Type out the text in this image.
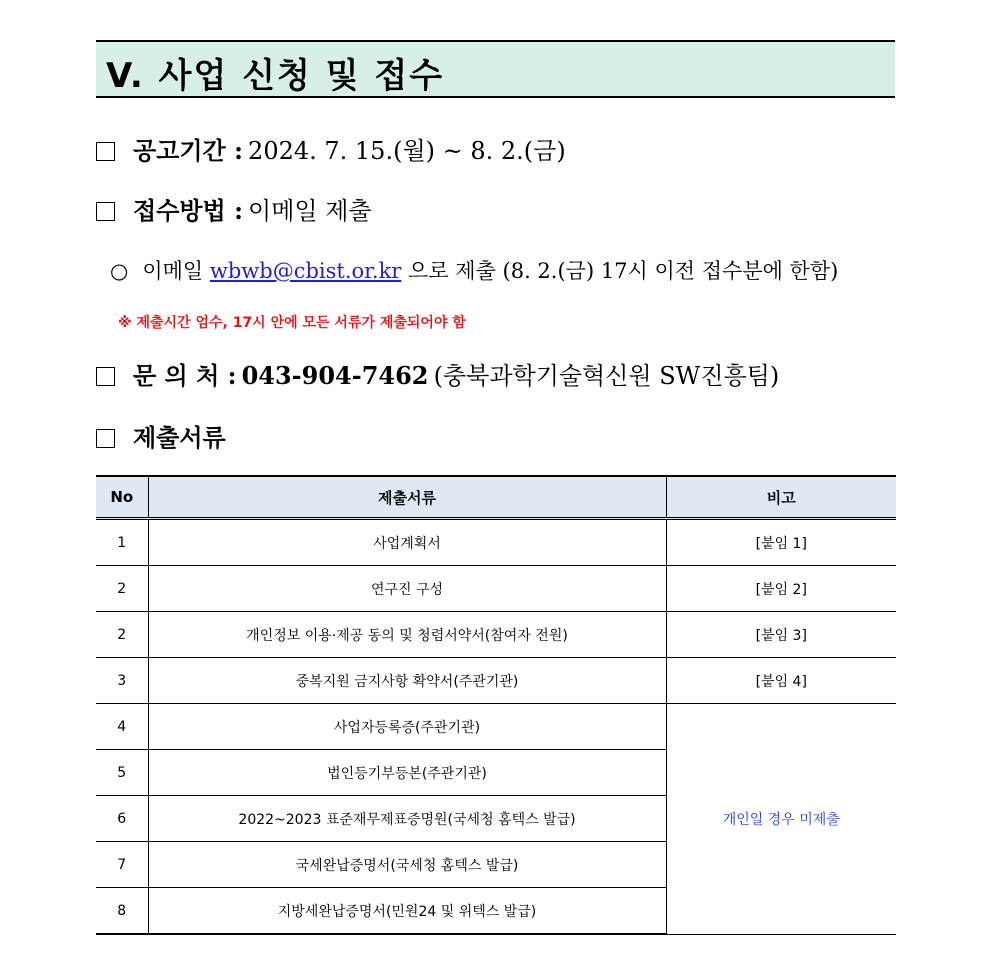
V. 사업 신청 및 접수
공고기간 : 2024. 7. 15.(월) ~ 8. 2.(금)
접수방법 : 이메일 제출
○ 이메일 wbwb@cbist.or.kr 으로 제출 (8. 2.(금) 17시 이전 접수분에 한함)
※ 제출시간 엄수, 17시 안에 모든 서류가 제출되어야 함
문 의 처 : 043-904-7462 (충북과학기술혁신원 SW진흥팀)
제출서류
No	제출서류	비고
1	사업계획서	[붙임 1]
2	연구진 구성	[붙임 2]
2	개인정보 이용·제공 동의 및 청렴서약서(참여자 전원)	[붙임 3]
3	중복지원 금지사항 확약서(주관기관)	[붙임 4]
4	사업자등록증(주관기관)	개인일 경우 미제출
5	법인등기부등본(주관기관)	
6	2022~2023 표준재무제표증명원(국세청 홈텍스 발급)	
7	국세완납증명서(국세청 홈텍스 발급)	
8	지방세완납증명서(민원24 및 위텍스 발급)	
